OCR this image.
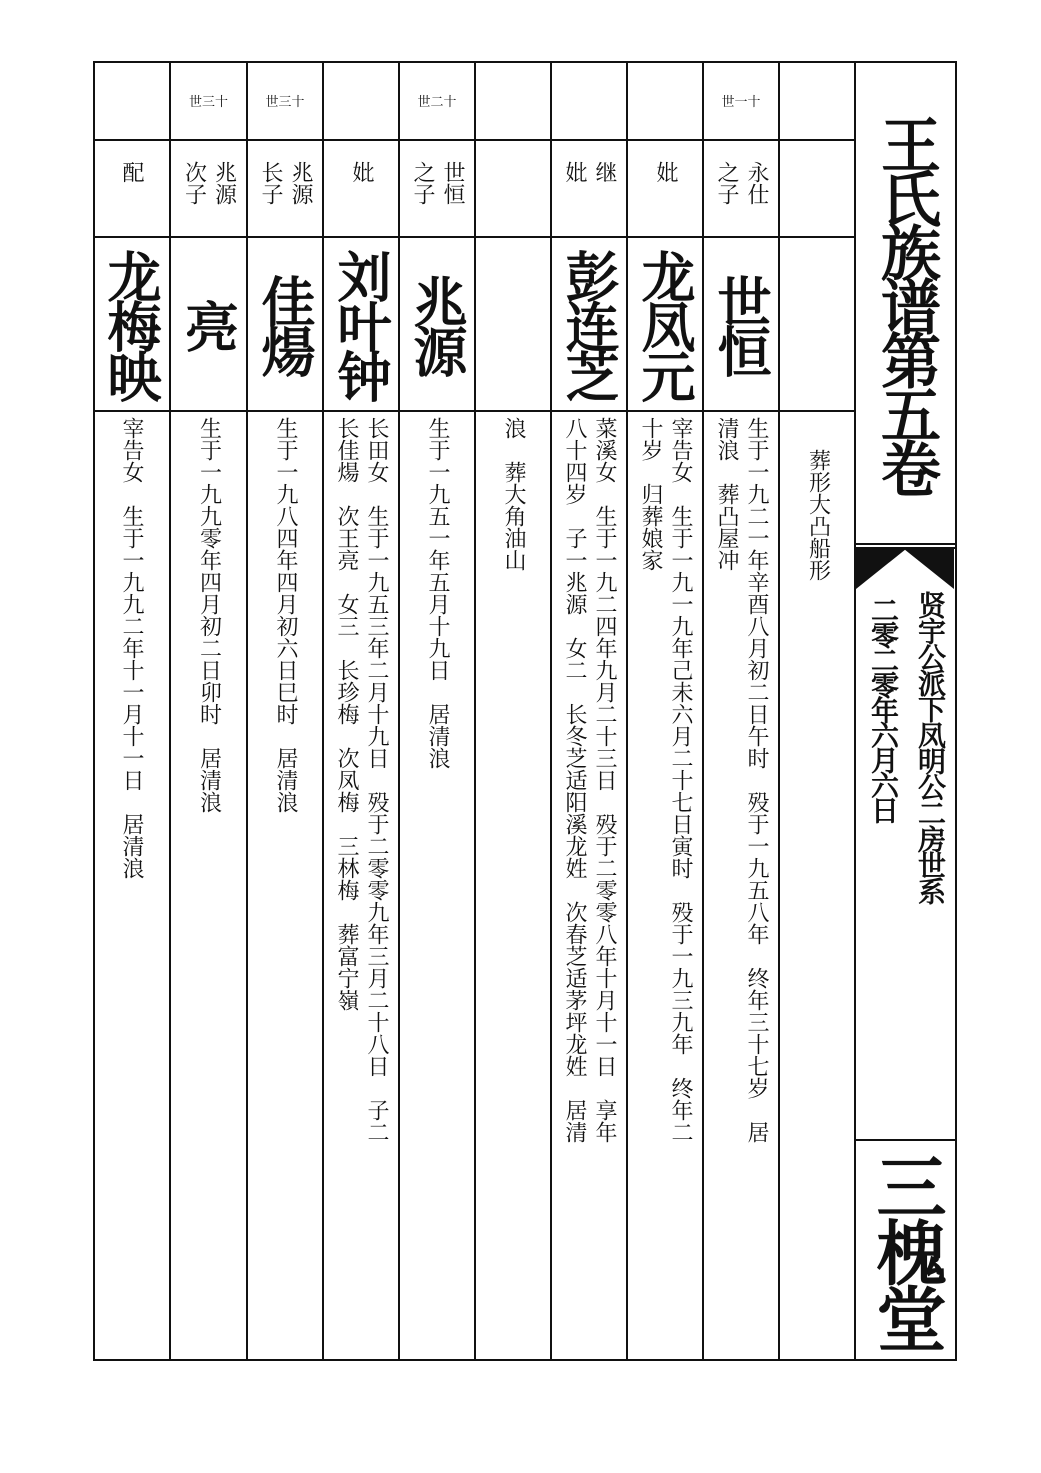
葬形大凸船形
世一十
永仕 之子
世恒
生于一九二一年辛酉八月初二日午时　殁于一九五八年　终年三十七岁　居
清浪　葬凸屋冲
妣
龙凤元
宰告女　生于一九一九年己未六月二十七日寅时　殁于一九三九年　终年二
十岁　归葬娘家
继 妣
彭连芝
菜溪女　生于一九二四年九月二十三日　殁于二零零八年十月十一日　享年
八十四岁　子一兆源　女二　长冬芝适阳溪龙姓　次春芝适茅坪龙姓　居清
浪　葬大角油山
世二十
世恒 之子
兆源
生于一九五一年五月十九日　居清浪
妣
刘叶钟
长田女　生于一九五三年二月十九日　殁于二零零九年三月二十八日　子二
长佳煬　次王亮　女三　长珍梅　次凤梅　三林梅　葬富宁嶺
世三十
兆源 长子
佳煬
生于一九八四年四月初六日巳时　居清浪
世三十
兆源 次子
亮
生于一九九零年四月初二日卯时　居清浪
配
龙梅映
宰告女　生于一九九二年十一月十一日　居清浪
王氏族谱第五卷
贤宇公派下凤明公二房世系
二零二零年六月六日
三槐堂
